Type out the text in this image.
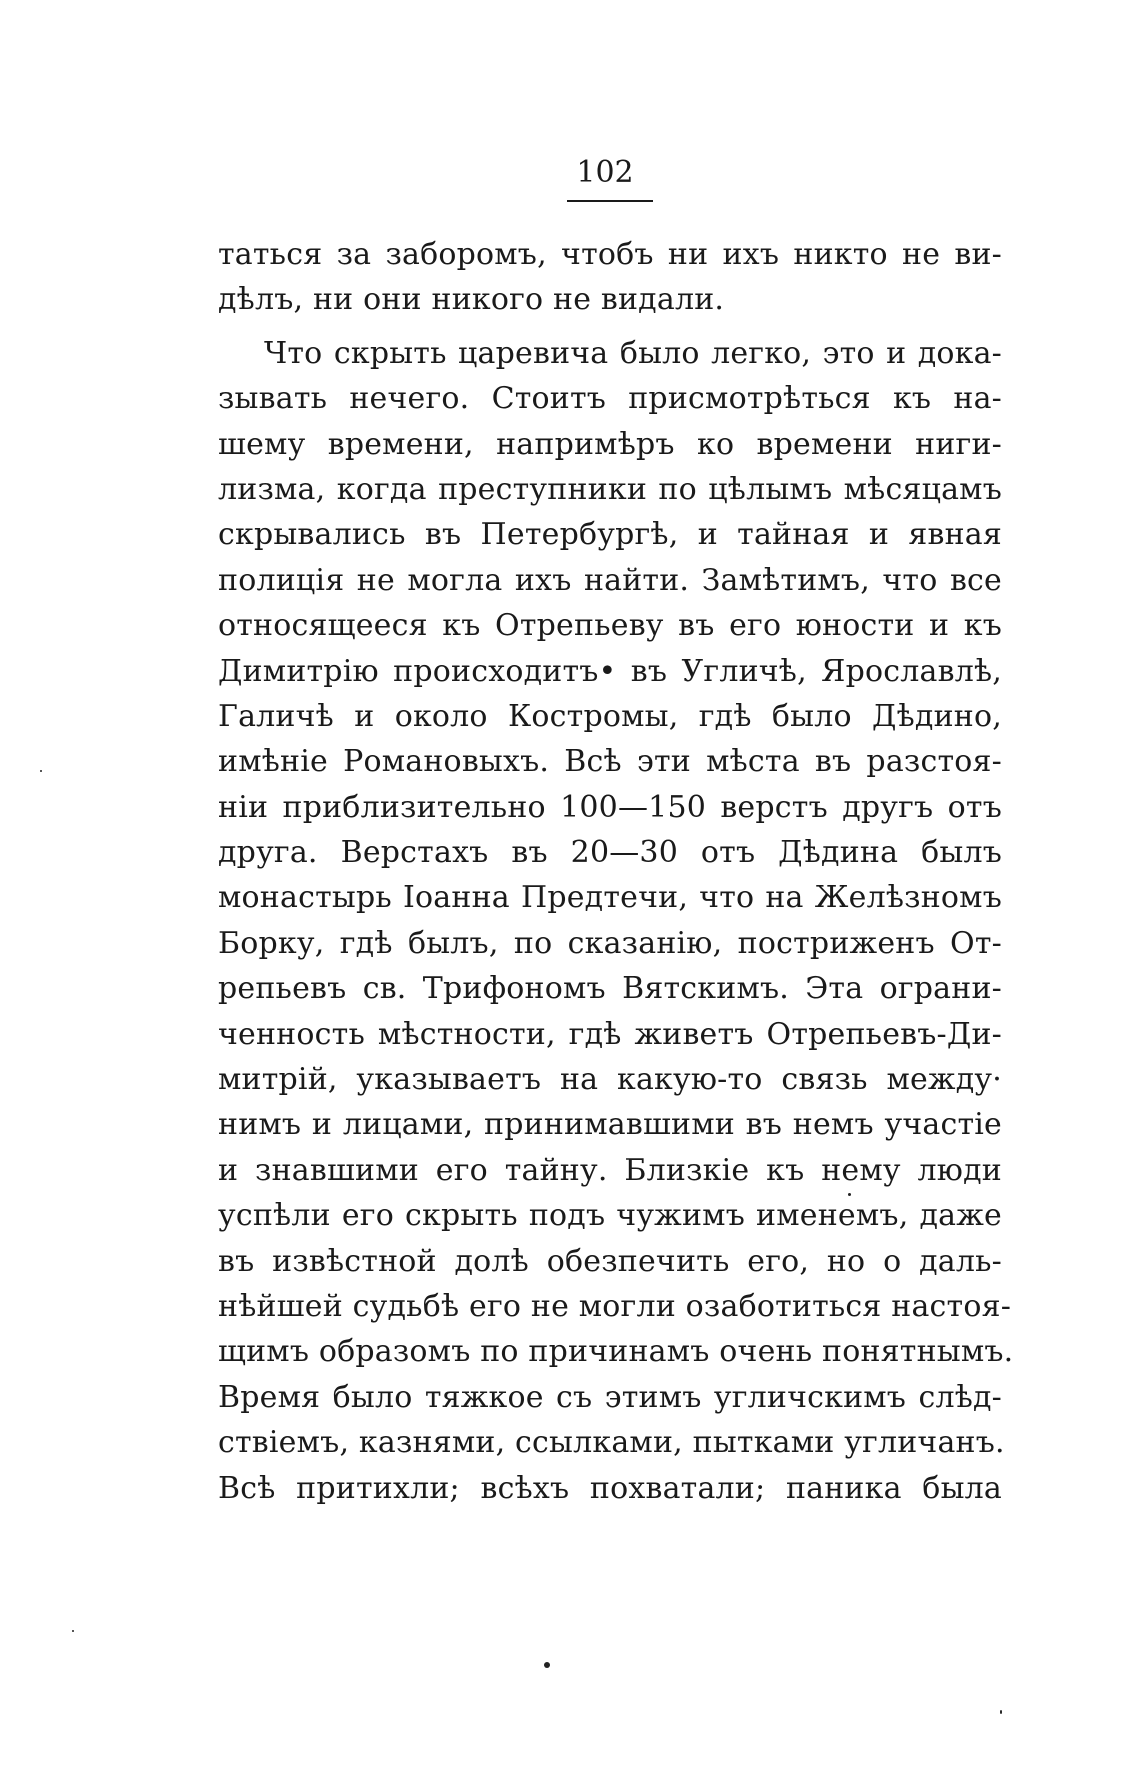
102
таться за заборомъ, чтобъ ни ихъ никто не ви-
дѣлъ, ни они никого не видали.
Что скрыть царевича было легко, это и дока-
зывать нечего. Стоитъ присмотрѣться къ на-
шему времени, напримѣръ ко времени ниги-
лизма, когда преступники по цѣлымъ мѣсяцамъ
скрывались въ Петербургѣ, и тайная и явная
полиція не могла ихъ найти. Замѣтимъ, что все
относящееся къ Отрепьеву въ его юности и къ
Димитрію происходитъ• въ Угличѣ, Ярославлѣ,
Галичѣ и около Костромы, гдѣ было Дѣдино,
имѣніе Романовыхъ. Всѣ эти мѣста въ разстоя-
ніи приблизительно 100—150 верстъ другъ отъ
друга. Верстахъ въ 20—30 отъ Дѣдина былъ
монастырь Іоанна Предтечи, что на Желѣзномъ
Борку, гдѣ былъ, по сказанію, постриженъ От-
репьевъ св. Трифономъ Вятскимъ. Эта ограни-
ченность мѣстности, гдѣ живетъ Отрепьевъ-Ди-
митрій, указываетъ на какую-то связь между·
нимъ и лицами, принимавшими въ немъ участіе
и знавшими его тайну. Близкіе къ нему люди
успѣли его скрыть подъ чужимъ именемъ, даже
въ извѣстной долѣ обезпечить его, но о даль-
нѣйшей судьбѣ его не могли озаботиться настоя-
щимъ образомъ по причинамъ очень понятнымъ.
Время было тяжкое съ этимъ угличскимъ слѣд-
ствіемъ, казнями, ссылками, пытками угличанъ.
Всѣ притихли; всѣхъ похватали; паника была
